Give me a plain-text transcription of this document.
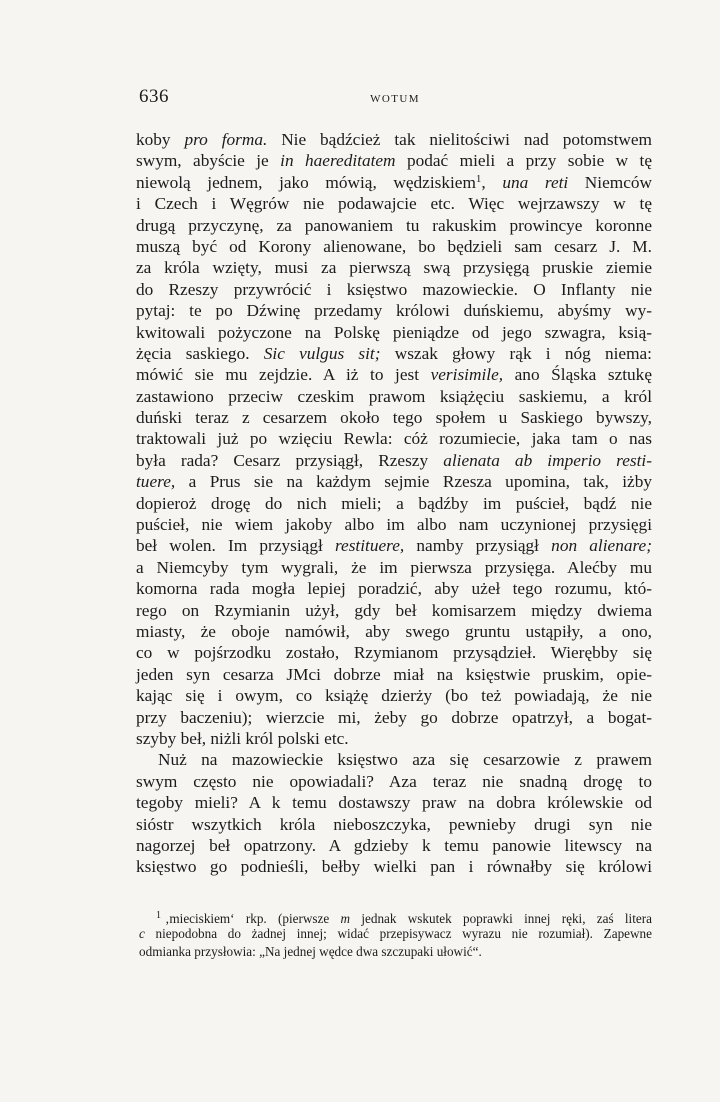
636	WOTUM
koby pro forma. Nie bądźcież tak nielitościwi nad potomstwem
swym, abyście je in haereditatem podać mieli a przy sobie w tę
niewolą jednem, jako mówią, wędziskiem$^1$, una reti Niemców
i Czech i Węgrów nie podawajcie etc. Więc wejrzawszy w tę
drugą przyczynę, za panowaniem tu rakuskim prowincye koronne
muszą być od Korony alienowane, bo będzieli sam cesarz J. M.
za króla wzięty, musi za pierwszą swą przysięgą pruskie ziemie
do Rzeszy przywrócić i księstwo mazowieckie. O Inflanty nie
pytaj: te po Dźwinę przedamy królowi duńskiemu, abyśmy wy-
kwitowali pożyczone na Polskę pieniądze od jego szwagra, ksią-
żęcia saskiego. Sic vulgus sit; wszak głowy rąk i nóg niema:
mówić sie mu zejdzie. A iż to jest verisimile, ano Śląska sztukę
zastawiono przeciw czeskim prawom książęciu saskiemu, a król
duński teraz z cesarzem około tego społem u Saskiego bywszy,
traktowali już po wzięciu Rewla: cóż rozumiecie, jaka tam o nas
była rada? Cesarz przysiągł, Rzeszy alienata ab imperio resti-
tuere, a Prus sie na każdym sejmie Rzesza upomina, tak, iżby
dopieroż drogę do nich mieli; a bądźby im puścieł, bądź nie
puścieł, nie wiem jakoby albo im albo nam uczynionej przysięgi
beł wolen. Im przysiągł restituere, namby przysiągł non alienare;
a Niemcyby tym wygrali, że im pierwsza przysięga. Alećby mu
komorna rada mogła lepiej poradzić, aby użeł tego rozumu, któ-
rego on Rzymianin użył, gdy beł komisarzem między dwiema
miasty, że oboje namówił, aby swego gruntu ustąpiły, a ono,
co w pojśrzodku zostało, Rzymianom przysądzieł. Wierębby się
jeden syn cesarza JMci dobrze miał na księstwie pruskim, opie-
kając się i owym, co książę dzierży (bo też powiadają, że nie
przy baczeniu); wierzcie mi, żeby go dobrze opatrzył, a bogat-
szyby beł, niżli król polski etc.
Nuż na mazowieckie księstwo aza się cesarzowie z prawem
swym często nie opowiadali? Aza teraz nie snadną drogę to
tegoby mieli? A k temu dostawszy praw na dobra królewskie od
sióstr wszytkich króla nieboszczyka, pewnieby drugi syn nie
nagorzej beł opatrzony. A gdzieby k temu panowie litewscy na
księstwo go podnieśli, bełby wielki pan i równałby się królowi
$^1$ ‚mieciskiem‘ rkp. (pierwsze m jednak wskutek poprawki innej ręki, zaś litera
c niepodobna do żadnej innej; widać przepisywacz wyrazu nie rozumiał). Zapewne
odmianka przysłowia: „Na jednej wędce dwa szczupaki ułowić“.
